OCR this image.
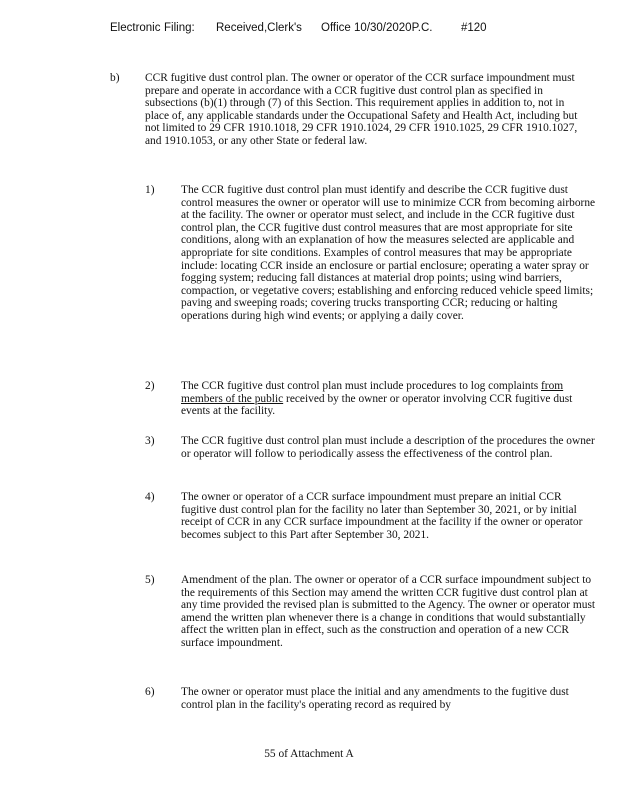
Electronic Filing: Received,Clerk's Office 10/30/2020P.C. #120
b) CCR fugitive dust control plan. The owner or operator of the CCR surface impoundment must prepare and operate in accordance with a CCR fugitive dust control plan as specified in subsections (b)(1) through (7) of this Section. This requirement applies in addition to, not in place of, any applicable standards under the Occupational Safety and Health Act, including but not limited to 29 CFR 1910.1018, 29 CFR 1910.1024, 29 CFR 1910.1025, 29 CFR 1910.1027, and 1910.1053, or any other State or federal law.
1) The CCR fugitive dust control plan must identify and describe the CCR fugitive dust control measures the owner or operator will use to minimize CCR from becoming airborne at the facility. The owner or operator must select, and include in the CCR fugitive dust control plan, the CCR fugitive dust control measures that are most appropriate for site conditions, along with an explanation of how the measures selected are applicable and appropriate for site conditions. Examples of control measures that may be appropriate include: locating CCR inside an enclosure or partial enclosure; operating a water spray or fogging system; reducing fall distances at material drop points; using wind barriers, compaction, or vegetative covers; establishing and enforcing reduced vehicle speed limits; paving and sweeping roads; covering trucks transporting CCR; reducing or halting operations during high wind events; or applying a daily cover.
2) The CCR fugitive dust control plan must include procedures to log complaints from members of the public received by the owner or operator involving CCR fugitive dust events at the facility.
3) The CCR fugitive dust control plan must include a description of the procedures the owner or operator will follow to periodically assess the effectiveness of the control plan.
4) The owner or operator of a CCR surface impoundment must prepare an initial CCR fugitive dust control plan for the facility no later than September 30, 2021, or by initial receipt of CCR in any CCR surface impoundment at the facility if the owner or operator becomes subject to this Part after September 30, 2021.
5) Amendment of the plan. The owner or operator of a CCR surface impoundment subject to the requirements of this Section may amend the written CCR fugitive dust control plan at any time provided the revised plan is submitted to the Agency. The owner or operator must amend the written plan whenever there is a change in conditions that would substantially affect the written plan in effect, such as the construction and operation of a new CCR surface impoundment.
6) The owner or operator must place the initial and any amendments to the fugitive dust control plan in the facility's operating record as required by
55 of Attachment A
